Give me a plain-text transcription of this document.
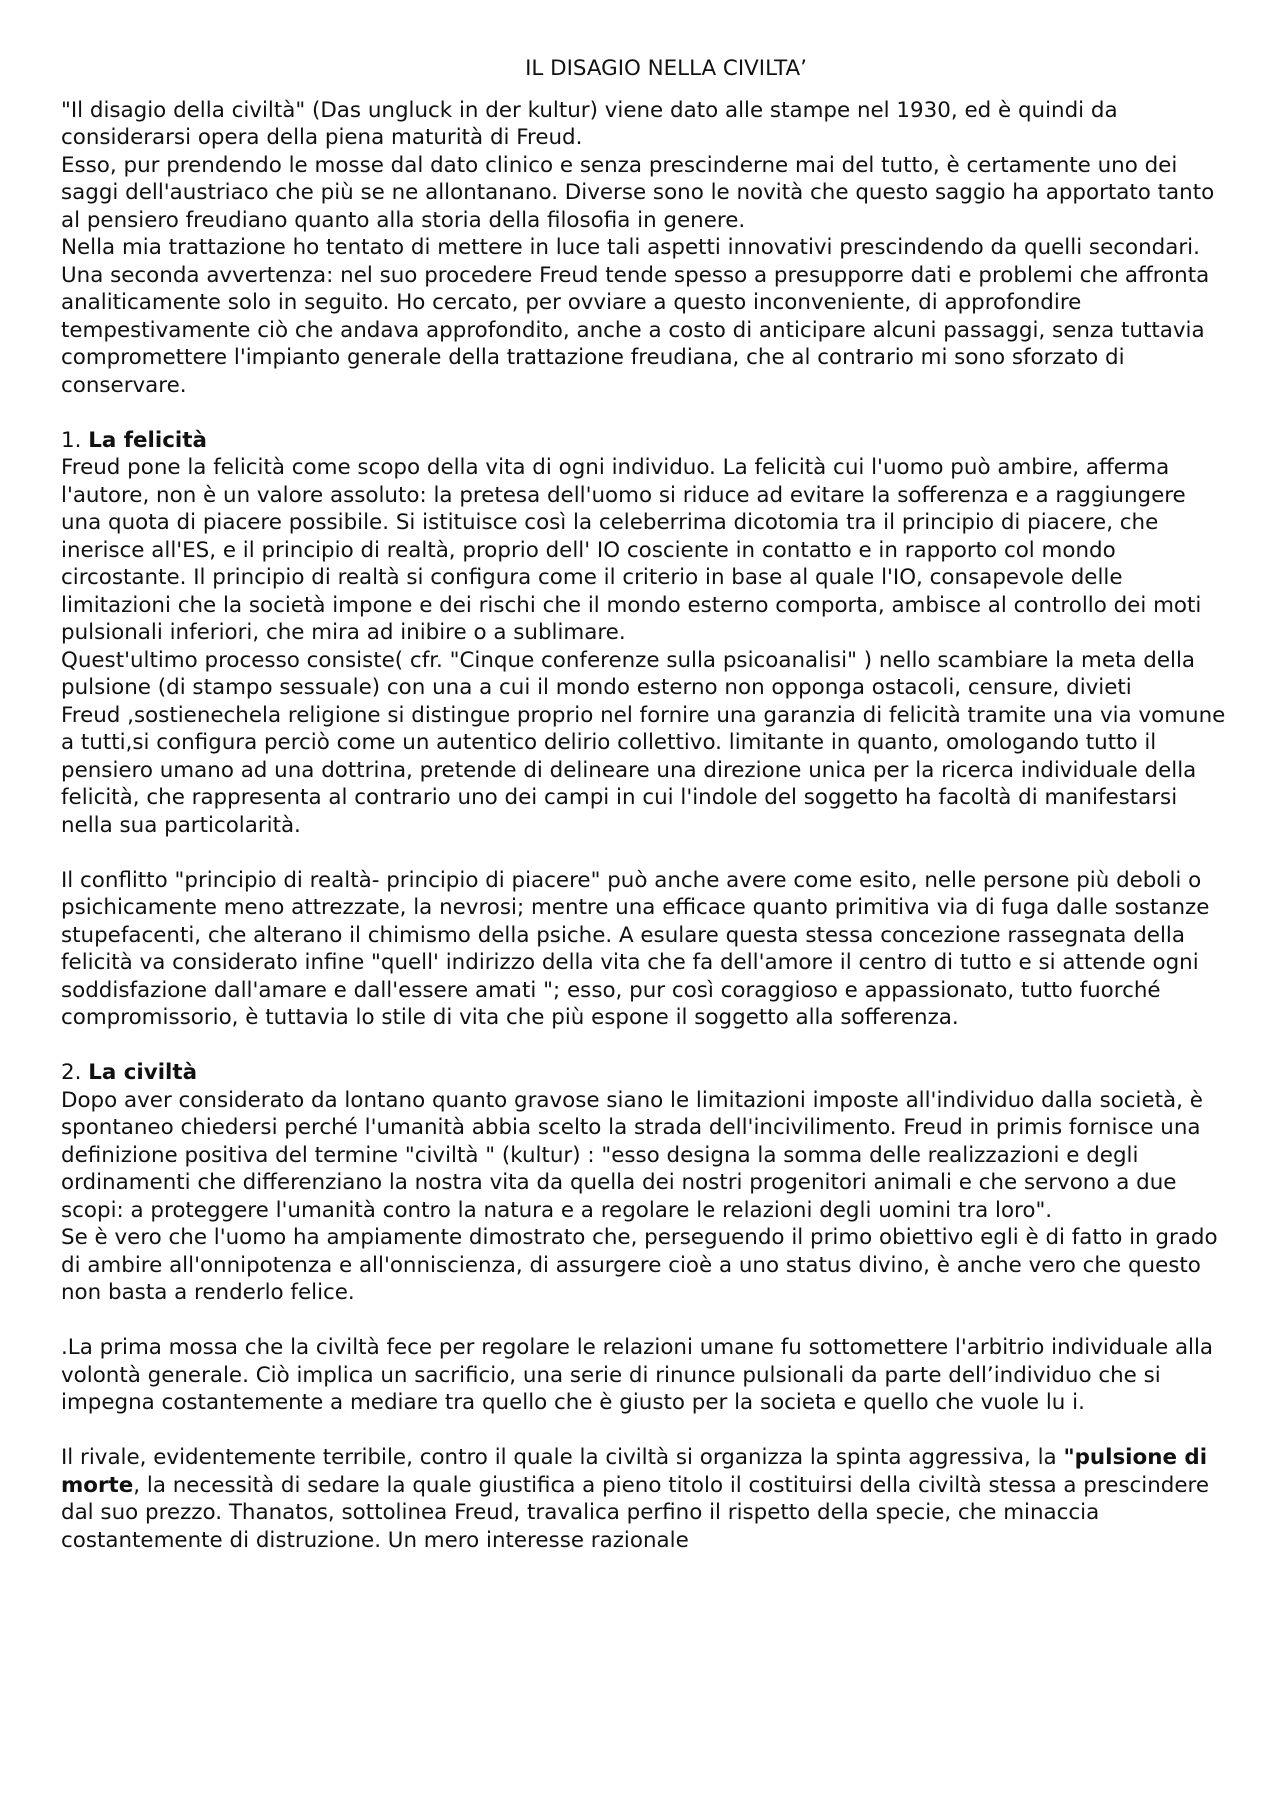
IL DISAGIO NELLA CIVILTA’

"Il disagio della civiltà" (Das ungluck in der kultur) viene dato alle stampe nel 1930, ed è quindi da considerarsi opera della piena maturità di Freud.

Esso, pur prendendo le mosse dal dato clinico e senza prescinderne mai del tutto, è certamente uno dei saggi dell'austriaco che più se ne allontanano. Diverse sono le novità che questo saggio ha apportato tanto al pensiero freudiano quanto alla storia della filosofia in genere.

Nella mia trattazione ho tentato di mettere in luce tali aspetti innovativi prescindendo da quelli secondari.

Una seconda avvertenza: nel suo procedere Freud tende spesso a presupporre dati e problemi che affronta analiticamente solo in seguito. Ho cercato, per ovviare a questo inconveniente, di approfondire tempestivamente ciò che andava approfondito, anche a costo di anticipare alcuni passaggi, senza tuttavia compromettere l'impianto generale della trattazione freudiana, che al contrario mi sono sforzato di conservare.

1. La felicità

Freud pone la felicità come scopo della vita di ogni individuo. La felicità cui l'uomo può ambire, afferma l'autore, non è un valore assoluto: la pretesa dell'uomo si riduce ad evitare la sofferenza e a raggiungere una quota di piacere possibile. Si istituisce così la celeberrima dicotomia tra il principio di piacere, che inerisce all'ES, e il principio di realtà, proprio dell' IO cosciente in contatto e in rapporto col mondo circostante. Il principio di realtà si configura come il criterio in base al quale l'IO, consapevole delle limitazioni che la società impone e dei rischi che il mondo esterno comporta, ambisce al controllo dei moti pulsionali inferiori, che mira ad inibire o a sublimare.

Quest'ultimo processo consiste( cfr. "Cinque conferenze sulla psicoanalisi" ) nello scambiare la meta della pulsione (di stampo sessuale) con una a cui il mondo esterno non opponga ostacoli, censure, divieti

Freud ,sostienechela religione si distingue proprio nel fornire una garanzia di felicità tramite una via vomune a tutti,si configura perciò come un autentico delirio collettivo. limitante in quanto, omologando tutto il pensiero umano ad una dottrina, pretende di delineare una direzione unica per la ricerca individuale della felicità, che rappresenta al contrario uno dei campi in cui l'indole del soggetto ha facoltà di manifestarsi nella sua particolarità.

Il conflitto "principio di realtà- principio di piacere" può anche avere come esito, nelle persone più deboli o psichicamente meno attrezzate, la nevrosi; mentre una efficace quanto primitiva via di fuga dalle sostanze stupefacenti, che alterano il chimismo della psiche. A esulare questa stessa concezione rassegnata della felicità va considerato infine "quell' indirizzo della vita che fa dell'amore il centro di tutto e si attende ogni soddisfazione dall'amare e dall'essere amati "; esso, pur così coraggioso e appassionato, tutto fuorché compromissorio, è tuttavia lo stile di vita che più espone il soggetto alla sofferenza.

2. La civiltà

Dopo aver considerato da lontano quanto gravose siano le limitazioni imposte all'individuo dalla società, è spontaneo chiedersi perché l'umanità abbia scelto la strada dell'incivilimento. Freud in primis fornisce una definizione positiva del termine "civiltà " (kultur) : "esso designa la somma delle realizzazioni e degli ordinamenti che differenziano la nostra vita da quella dei nostri progenitori animali e che servono a due scopi: a proteggere l'umanità contro la natura e a regolare le relazioni degli uomini tra loro".

Se è vero che l'uomo ha ampiamente dimostrato che, perseguendo il primo obiettivo egli è di fatto in grado di ambire all'onnipotenza e all'onniscienza, di assurgere cioè a uno status divino, è anche vero che questo non basta a renderlo felice.

.La prima mossa che la civiltà fece per regolare le relazioni umane fu sottomettere l'arbitrio individuale alla volontà generale. Ciò implica un sacrificio, una serie di rinunce pulsionali da parte dell’individuo che si impegna costantemente a mediare tra quello che è giusto per la societa e quello che vuole lu i.

Il rivale, evidentemente terribile, contro il quale la civiltà si organizza la spinta aggressiva, la "pulsione di morte, la necessità di sedare la quale giustifica a pieno titolo il costituirsi della civiltà stessa a prescindere dal suo prezzo. Thanatos, sottolinea Freud, travalica perfino il rispetto della specie, che minaccia costantemente di distruzione. Un mero interesse razionale
